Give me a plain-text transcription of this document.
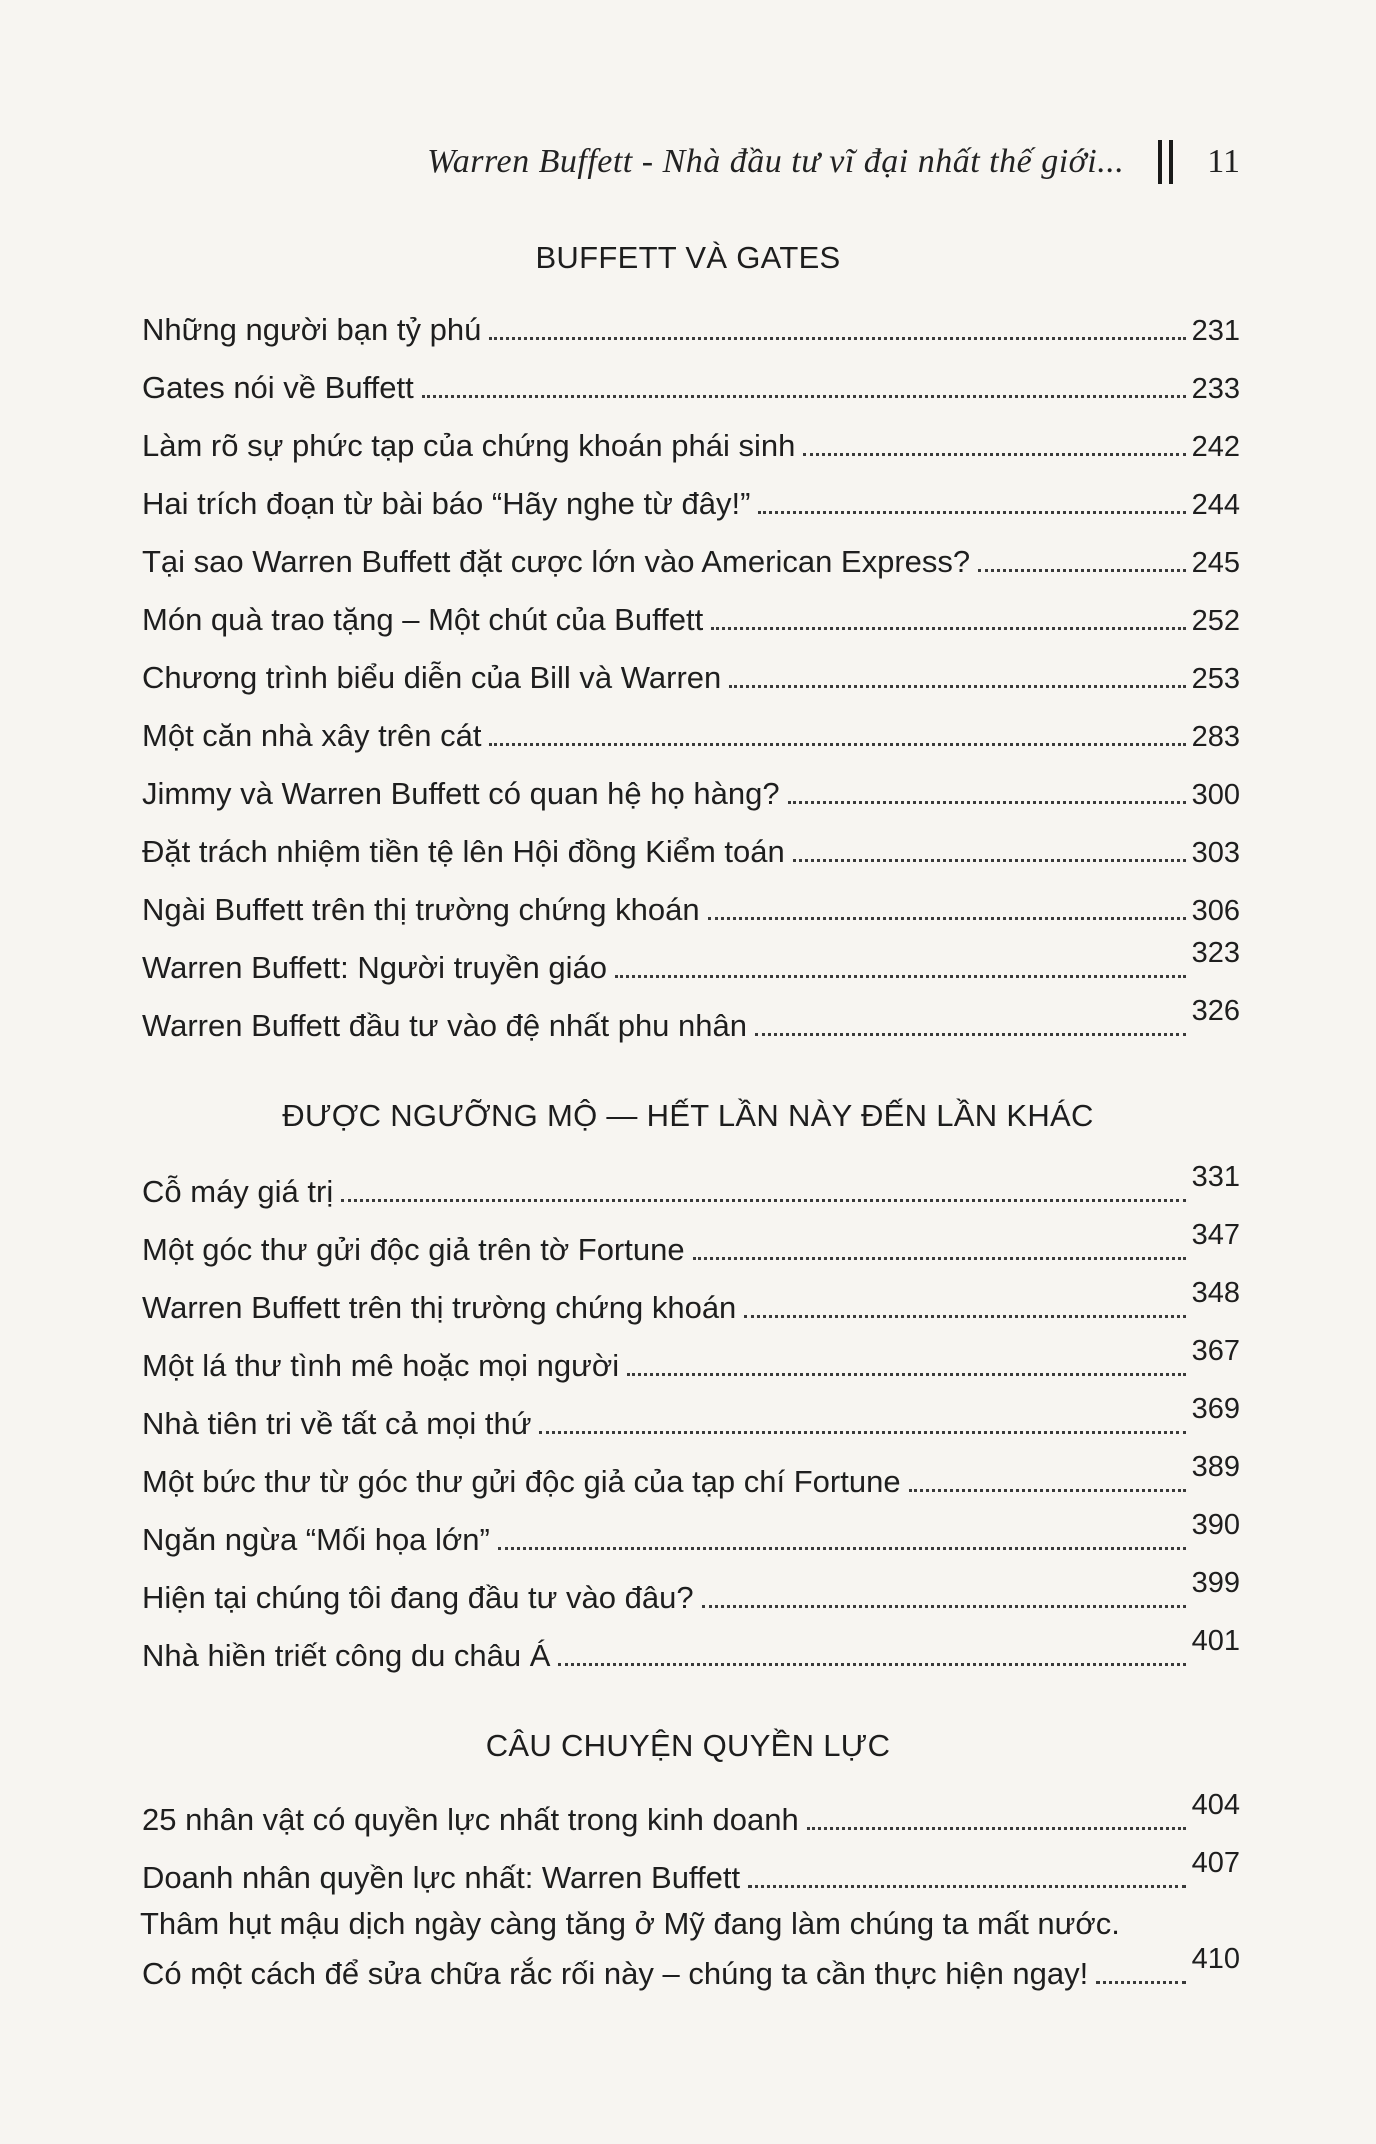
Warren Buffett - Nhà đầu tư vĩ đại nhất thế giới... 11
BUFFETT VÀ GATES
Những người bạn tỷ phú	231
Gates nói về Buffett	233
Làm rõ sự phức tạp của chứng khoán phái sinh	242
Hai trích đoạn từ bài báo “Hãy nghe từ đây!”	244
Tại sao Warren Buffett đặt cược lớn vào American Express?	245
Món quà trao tặng – Một chút của Buffett	252
Chương trình biểu diễn của Bill và Warren	253
Một căn nhà xây trên cát	283
Jimmy và Warren Buffett có quan hệ họ hàng?	300
Đặt trách nhiệm tiền tệ lên Hội đồng Kiểm toán	303
Ngài Buffett trên thị trường chứng khoán	306
Warren Buffett: Người truyền giáo	323
Warren Buffett đầu tư vào đệ nhất phu nhân	326
ĐƯỢC NGƯỠNG MỘ — HẾT LẦN NÀY ĐẾN LẦN KHÁC
Cỗ máy giá trị	331
Một góc thư gửi độc giả trên tờ Fortune	347
Warren Buffett trên thị trường chứng khoán	348
Một lá thư tình mê hoặc mọi người	367
Nhà tiên tri về tất cả mọi thứ	369
Một bức thư từ góc thư gửi độc giả của tạp chí Fortune	389
Ngăn ngừa “Mối họa lớn”	390
Hiện tại chúng tôi đang đầu tư vào đâu?	399
Nhà hiền triết công du châu Á	401
CÂU CHUYỆN QUYỀN LỰC
25 nhân vật có quyền lực nhất trong kinh doanh	404
Doanh nhân quyền lực nhất: Warren Buffett	407
Thâm hụt mậu dịch ngày càng tăng ở Mỹ đang làm chúng ta mất nước.
Có một cách để sửa chữa rắc rối này – chúng ta cần thực hiện ngay!	410
